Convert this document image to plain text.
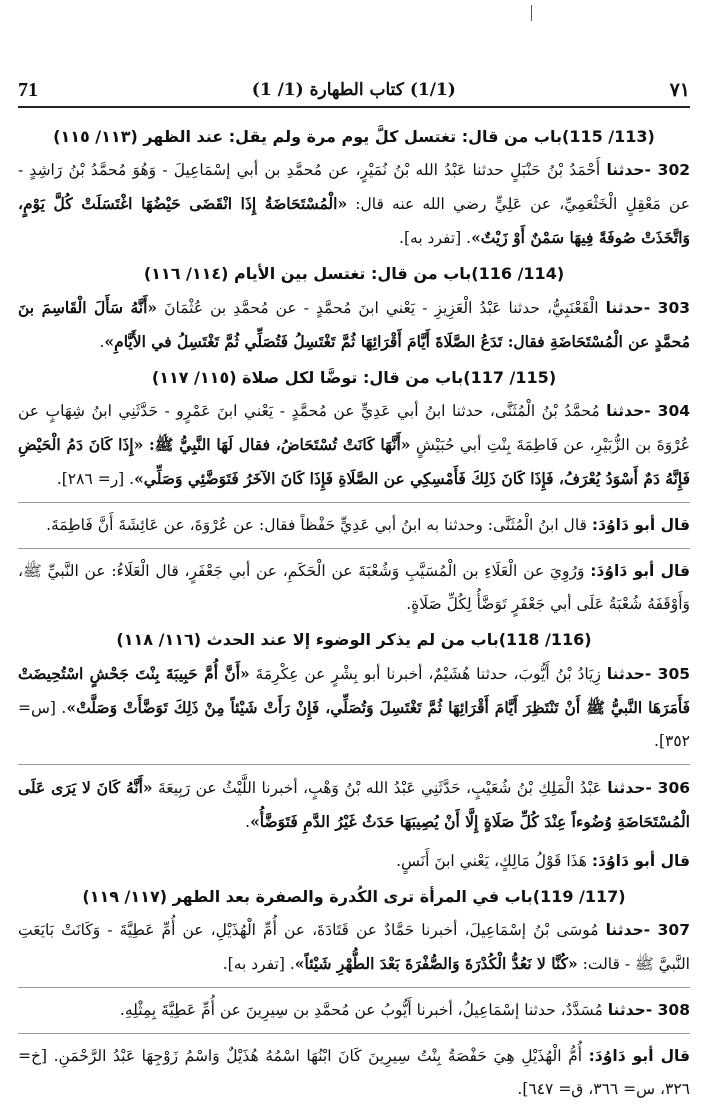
71	(1/1) كتاب الطهارة (1/ 1)	٧١
(113/ 115)باب من قال: تغتسل كلَّ يوم مرة ولم يقل: عند الظهر (١١٣/ ١١٥)
302 -حدثنا أَحْمَدُ بْنُ حَنْبَلٍ حدثنا عَبْدُ الله بْنُ نُمَيْرٍ، عن مُحمَّدِ بن أبي إسْمَاعِيلَ - وَهُوَ مُحمَّدُ بْنُ رَاشِدٍ - عن مَعْقِلٍ الْخَثْعَمِيِّ، عن عَلِيٍّ رضي الله عنه قال: «الْمُسْتَحَاضَةُ إِذَا انْقَضَى حَيْضُهَا اغْتَسَلَتْ كُلَّ يَوْمٍ، وَاتَّخَذَتْ صُوفَةً فِيهَا سَمْنٌ أَوْ زَيْتٌ». [تفرد به].
(114/ 116)باب من قال: تغتسل بين الأيام (١١٤/ ١١٦)
303 -حدثنا الْقَعْنَبِيُّ، حدثنا عَبْدُ الْعَزِيزِ - يَعْني ابنَ مُحمَّدٍ - عن مُحمَّدِ بن عُثْمَانَ «أَنَّهُ سَأَلَ الْقَاسِمَ بنَ مُحمَّدٍ عن الْمُسْتَحَاضَةِ فقال: تَدَعُ الصَّلَاةَ أَيَّامَ أَقْرَائِهَا ثُمَّ تَغْتَسِلُ فَتُصَلِّي ثُمَّ تَغْتَسِلُ في الأَيَّامِ».
(115/ 117)باب من قال: توضَّا لكل صلاة (١١٥/ ١١٧)
304 -حدثنا مُحمَّدُ بْنُ الْمُثَنَّى، حدثنا ابنُ أبي عَدِيٍّ عن مُحمَّدٍ - يَعْني ابنَ عَمْرٍو - حَدَّثَنِي ابنُ شِهَابٍ عن عُرْوَةَ بن الزُّبَيْرِ، عن فَاطِمَةَ بِنْتِ أبي حُبَيْشٍ «أَنَّهَا كَانَتْ تُسْتَحَاضُ، فقال لَهَا النَّبِيُّ ﷺ: «إِذَا كَانَ دَمُ الْحَيْضِ فَإِنَّهُ دَمٌ أَسْوَدُ يُعْرَفُ، فَإِذَا كَانَ ذَلِكَ فَأَمْسِكِي عن الصَّلَاةِ فَإِذَا كَانَ الآخَرُ فَتَوَضَّئِي وَصَلِّي». [ر= ٢٨٦].
قال أبو دَاوُدَ: قال ابنُ الْمُثَنَّى: وحدثنا به ابنُ أبي عَدِيٍّ حَفْظاً فقال: عن عُرْوَةَ، عن عَائِشَةَ أَنَّ فَاطِمَةَ.
قال أبو دَاوُدَ: وَرُوِيَ عن الْعَلَاءِ بن الْمُسَيَّبِ وَشُعْبَةَ عن الْحَكَمِ، عن أبي جَعْفَرٍ، قال الْعَلَاءُ: عن النَّبيِّ ﷺ، وَأَوْقَفَهُ شُعْبَةُ عَلَى أبي جَعْفَرٍ تَوَضَّأُ لِكُلِّ صَلَاةٍ.
(116/ 118)باب من لم يذكر الوضوء إلا عند الحدث (١١٦/ ١١٨)
305 -حدثنا زِيَادُ بْنُ أَيُّوبَ، حدثنا هُشَيْمٌ، أخبرنا أبو بِشْرٍ عن عِكْرِمَةَ «أَنَّ أُمَّ حَبِيبَةَ بِنْتَ جَحْشٍ اسْتُحِيضَتْ فَأَمَرَهَا النَّبيُّ ﷺ أَنْ تَنْتَظِرَ أَيَّامَ أَقْرَائِهَا ثُمَّ تَغْتَسِلَ وَتُصَلِّي، فَإِنْ رَأَتْ شَيْئاً مِنْ ذَلِكَ تَوَضَّأَتْ وَصَلَّتْ». [س= ٣٥٢].
306 -حدثنا عَبْدُ الْمَلِكِ بْنُ شُعَيْبٍ، حَدَّثَنِي عَبْدُ الله بْنُ وَهْبٍ، أخبرنا اللَّيْثُ عن رَبِيعَةَ «أَنَّهُ كَانَ لا يَرَى عَلَى الْمُسْتَحَاضَةِ وُضُوءاً عِنْدَ كُلِّ صَلَاةٍ إِلَّا أَنْ يُصِيبَهَا حَدَثٌ غَيْرُ الدَّمِ فَتَوَضَّأُ».
قال أبو دَاوُدَ: هَذَا قَوْلُ مَالِكٍ، يَعْني ابنَ أَنَسٍ.
(117/ 119)باب في المرأة ترى الكُدرة والصفرة بعد الطهر (١١٧/ ١١٩)
307 -حدثنا مُوسَى بْنُ إسْمَاعِيلَ، أخبرنا حَمَّادٌ عن قَتَادَةَ، عن أُمِّ الْهُذَيْلِ، عن أُمِّ عَطِيَّةَ - وَكَانَتْ بَايَعَتِ النَّبيَّ ﷺ - قالت: «كُنَّا لا نَعُدُّ الْكُدْرَةَ وَالصُّفْرَةَ بَعْدَ الطُّهْرِ شَيْئاً». [تفرد به].
308 -حدثنا مُسَدَّدٌ، حدثنا إسْمَاعِيلُ، أخبرنا أَيُّوبُ عن مُحمَّدِ بن سِيرِينَ عن أُمِّ عَطِيَّةَ بِمِثْلِهِ.
قال أبو دَاوُدَ: أُمُّ الْهُذَيْلِ هِيَ حَفْصَةُ بِنْتُ سِيرِينَ كَانَ ابْنُهَا اسْمُهُ هُذَيْلٌ وَاسْمُ زَوْجِهَا عَبْدُ الرَّحْمَنِ. [خ= ٣٢٦، س= ٣٦٦، ق= ٦٤٧].
